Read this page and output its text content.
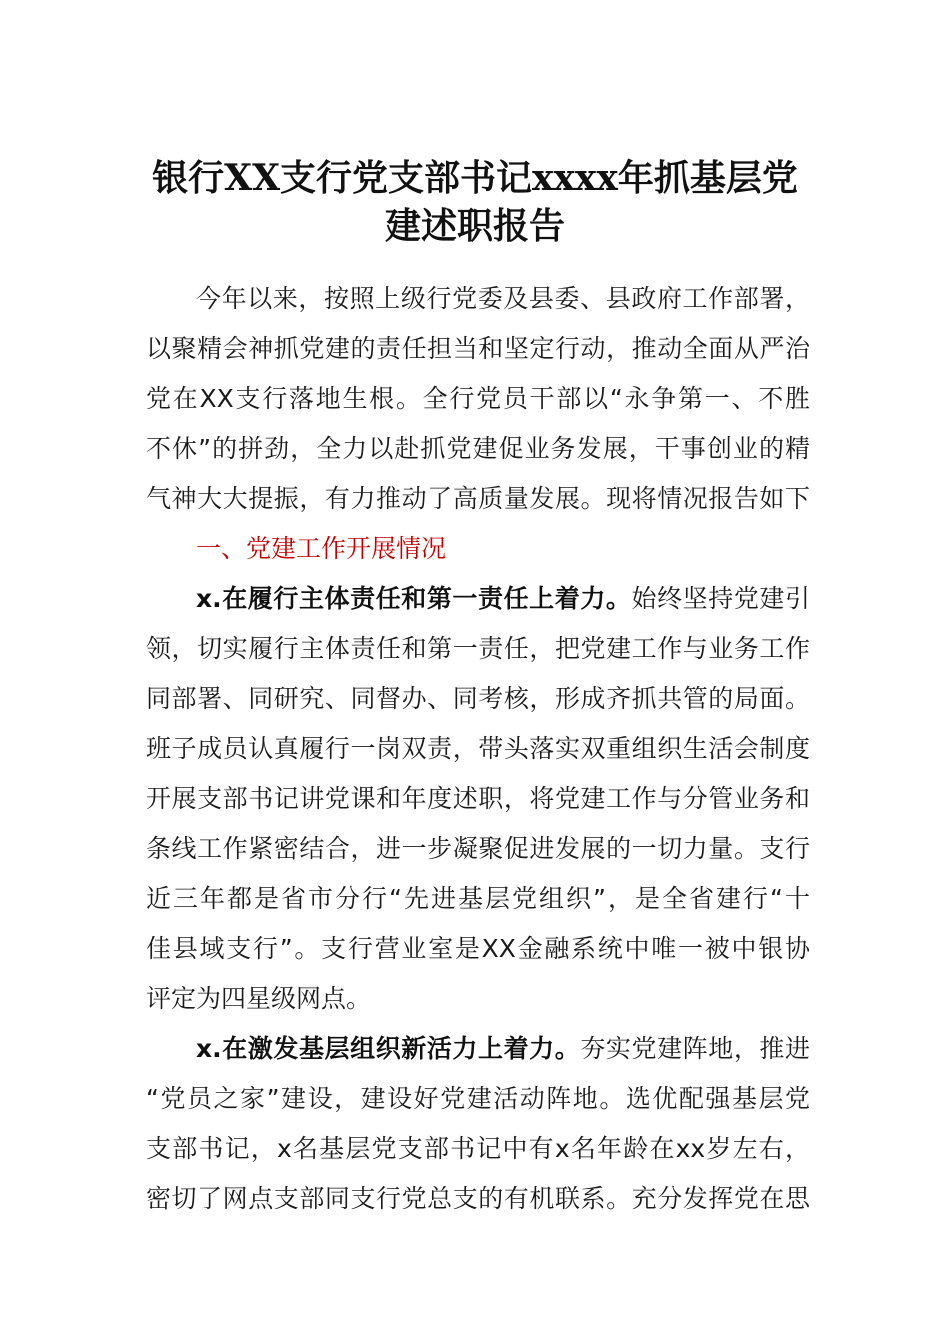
银行XX支行党支部书记xxxx年抓基层党
建述职报告
今年以来，按照上级行党委及县委、县政府工作部署，
以聚精会神抓党建的责任担当和坚定行动，推动全面从严治
党在XX支行落地生根。全行党员干部以“永争第一、不胜
不休”的拼劲，全力以赴抓党建促业务发展，干事创业的精
气神大大提振，有力推动了高质量发展。现将情况报告如下
一、党建工作开展情况
x.在履行主体责任和第一责任上着力。始终坚持党建引
领，切实履行主体责任和第一责任，把党建工作与业务工作
同部署、同研究、同督办、同考核，形成齐抓共管的局面。
班子成员认真履行一岗双责，带头落实双重组织生活会制度
开展支部书记讲党课和年度述职，将党建工作与分管业务和
条线工作紧密结合，进一步凝聚促进发展的一切力量。支行
近三年都是省市分行“先进基层党组织”，是全省建行“十
佳县域支行”。支行营业室是XX金融系统中唯一被中银协
评定为四星级网点。
x.在激发基层组织新活力上着力。夯实党建阵地，推进
“党员之家”建设，建设好党建活动阵地。选优配强基层党
支部书记，x名基层党支部书记中有x名年龄在xx岁左右，
密切了网点支部同支行党总支的有机联系。充分发挥党在思
